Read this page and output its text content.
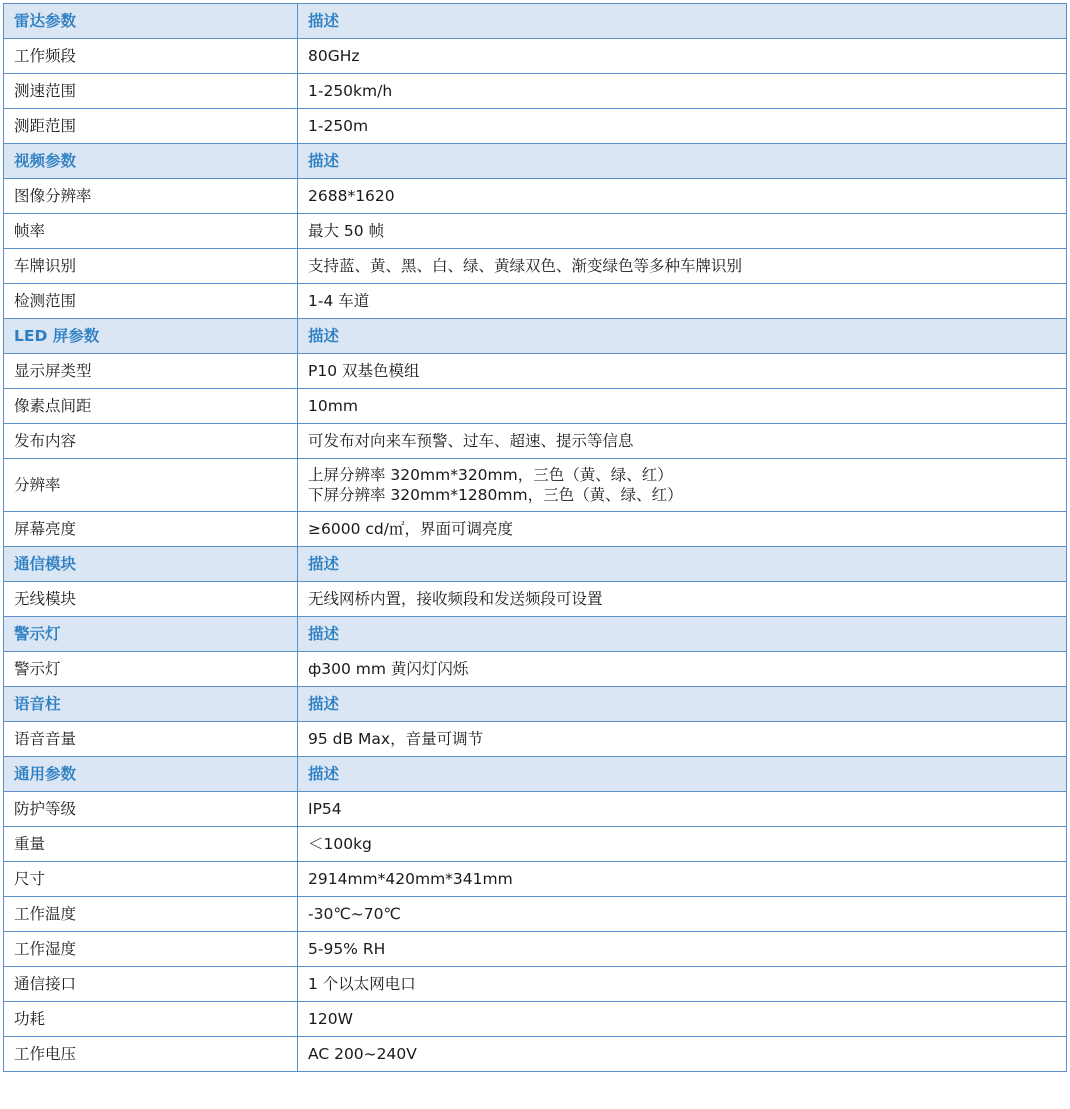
雷达参数	描述
工作频段	80GHz
测速范围	1-250km/h
测距范围	1-250m
视频参数	描述
图像分辨率	2688*1620
帧率	最大 50 帧
车牌识别	支持蓝、黄、黑、白、绿、黄绿双色、渐变绿色等多种车牌识别
检测范围	1-4 车道
LED 屏参数	描述
显示屏类型	P10 双基色模组
像素点间距	10mm
发布内容	可发布对向来车预警、过车、超速、提示等信息
分辨率	上屏分辨率 320mm*320mm，三色（黄、绿、红）
下屏分辨率 320mm*1280mm，三色（黄、绿、红）

屏幕亮度	≥6000 cd/㎡，界面可调亮度
通信模块	描述
无线模块	无线网桥内置，接收频段和发送频段可设置
警示灯	描述
警示灯	ф300 mm 黄闪灯闪烁
语音柱	描述
语音音量	95 dB Max，音量可调节
通用参数	描述
防护等级	IP54
重量	＜100kg
尺寸	2914mm*420mm*341mm
工作温度	-30℃~70℃
工作湿度	5-95% RH
通信接口	1 个以太网电口
功耗	120W
工作电压	AC 200~240V
